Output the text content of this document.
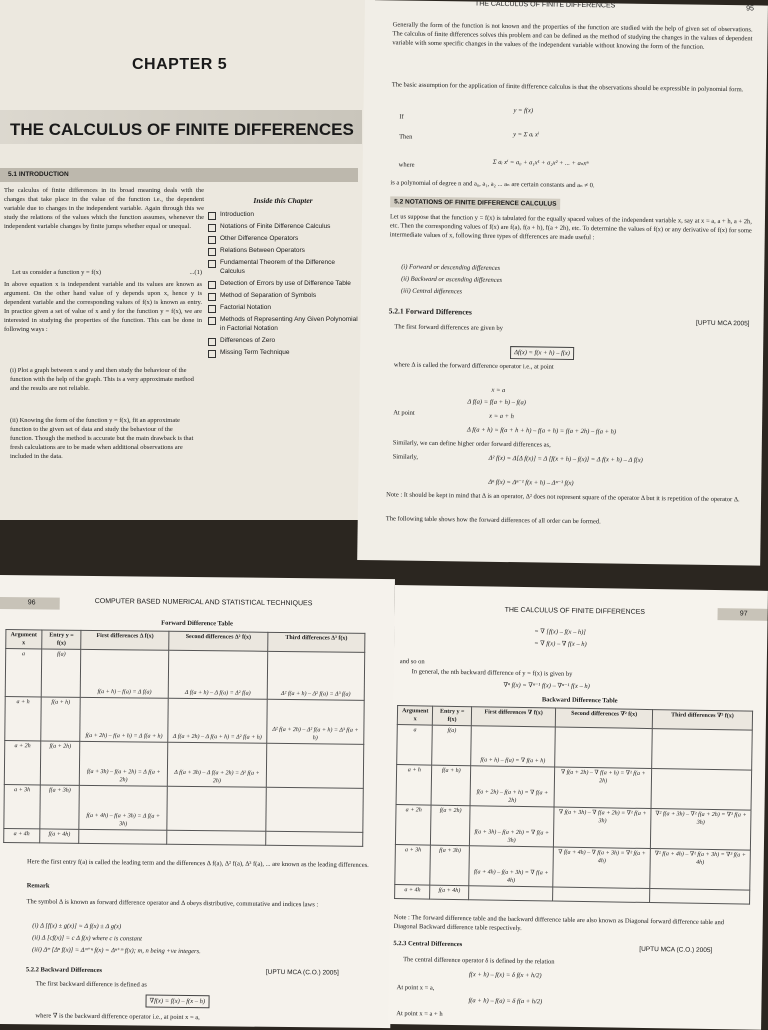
CHAPTER 5
THE CALCULUS OF FINITE DIFFERENCES
5.1 INTRODUCTION
The calculus of finite differences in its broad meaning deals with the changes that take place in the value of the function i.e., the dependent variable due to changes in the independent variable. Again through this we study the relations of the values which the function assumes, whenever the independent variable changes by finite jumps whether equal or unequal.
Let us consider a function y = f(x)	...(1)
In above equation x is independent variable and its values are known as argument. On the other hand value of y depends upon x, hence y is dependent variable and the corresponding values of f(x) is known as entry. In practice given a set of value of x and y for the function y = f(x), we are interested in studying the properties of the function. This can be done in following ways :
(i) Plot a graph between x and y and then study the behaviour of the function with the help of the graph. This is a very approximate method and the results are not reliable.
(ii) Knowing the form of the function y = f(x), fit an approximate function to the given set of data and study the behaviour of the function. Though the method is accurate but the main drawback is that fresh calculations are to be made when additional observations are included in the data.
Inside this Chapter
Introduction
Notations of Finite Difference Calculus
Other Difference Operators
Relations Between Operators
Fundamental Theorem of the Difference Calculus
Detection of Errors by use of Difference Table
Method of Separation of Symbols
Factorial Notation
Methods of Representing Any Given Polynomial in Factorial Notation
Differences of Zero
Missing Term Technique
THE CALCULUS OF FINITE DIFFERENCES	95
Generally the form of the function is not known and the properties of the function are studied with the help of given set of observations. The calculus of finite differences solves this problem and can be defined as the method of studying the changes in the values of dependent variable with some specific changes in the values of the independent variable without knowing the form of the function.
The basic assumption for the application of finite difference calculus is that the observations should be expressible in polynomial form.
If
y = f(x)
Then	y = Σ aᵢ xⁱ
where	Σ aᵢ xⁱ = a₀ + a₁x¹ + a₂x² + ... + aₙxⁿ
is a polynomial of degree n and a₀, a₁, a₂ ... aₙ are certain constants and aₙ ≠ 0.
5.2 NOTATIONS OF FINITE DIFFERENCE CALCULUS
Let us suppose that the function y = f(x) is tabulated for the equally spaced values of the independent variable x, say at x = a, a + h, a + 2h, etc. Then the corresponding values of f(x) are f(a), f(a + h), f(a + 2h), etc. To determine the values of f(x) or any derivative of f(x) for some intermediate values of x, following three types of differences are made useful :
(i) Forward or descending differences
(ii) Backward or ascending differences
(iii) Central differences
5.2.1 Forward Differences
[UPTU MCA 2005]
The first forward differences are given by
Δf(x) = f(x + h) – f(x)
where Δ is called the forward difference operator i.e., at point
x = a
Δ f(a) = f(a + h) – f(a)
At point	x = a + h
Δ f(a + h) = f(a + h + h) – f(a + h) = f(a + 2h) – f(a + h)
Similarly, we can define higher order forward differences as,
Similarly,	Δ² f(x) = Δ[Δ f(x)] = Δ [f(x + h) – f(x)] = Δ f(x + h) – Δ f(x)
Δⁿ f(x) = Δⁿ⁻¹ f(x + h) – Δⁿ⁻¹ f(x)
Note : It should be kept in mind that Δ is an operator, Δ² does not represent square of the operator Δ but it is repetition of the operator Δ.
The following table shows how the forward differences of all order can be formed.
96	COMPUTER BASED NUMERICAL AND STATISTICAL TECHNIQUES
Forward Difference Table
Argument x	Entry y = f(x)	First differences Δ f(x)	Second differences Δ² f(x)	Third differences Δ³ f(x)
a	f(a)	f(a + h) – f(a) = Δ f(a)	Δ f(a + h) – Δ f(a) = Δ² f(a)	Δ² f(a + h) – Δ² f(a) = Δ³ f(a)
a + h	f(a + h)	f(a + 2h) – f(a + h) = Δ f(a + h)	Δ f(a + 2h) – Δ f(a + h) = Δ² f(a + h)	Δ² f(a + 2h) – Δ² f(a + h) = Δ³ f(a + h)
a + 2h	f(a + 2h)	f(a + 3h) – f(a + 2h) = Δ f(a + 2h)	Δ f(a + 3h) – Δ f(a + 2h) = Δ² f(a + 2h)	
a + 3h	f(a + 3h)	f(a + 4h) – f(a + 3h) = Δ f(a + 3h)		
a + 4h	f(a + 4h)			
Here the first entry f(a) is called the leading term and the differences Δ f(a), Δ² f(a), Δ³ f(a), ... are known as the leading differences.
Remark
The symbol Δ is known as forward difference operator and Δ obeys distributive, commutative and indices laws :
(i) Δ [f(x) ± g(x)] = Δ f(x) ± Δ g(x)
(ii) Δ [cf(x)] = c Δ f(x) where c is constant
(iii) Δᵐ [Δⁿ f(x)] = Δᵐ⁺ⁿ f(x) = Δⁿ⁺ᵐ f(x); m, n being +ve integers.
5.2.2 Backward Differences	[UPTU MCA (C.O.) 2005]
The first backward difference is defined as
∇f(x) = f(x) – f(x – h)
where ∇ is the backward difference operator i.e., at point x = a,
THE CALCULUS OF FINITE DIFFERENCES	97
= ∇ [f(x) – f(x – h)]
= ∇ f(x) – ∇ f(x – h)
and so on
In general, the nth backward difference of y = f(x) is given by
∇ⁿ f(x) = ∇ⁿ⁻¹ f(x) – ∇ⁿ⁻¹ f(x – h)
Backward Difference Table
Argument x	Entry y = f(x)	First differences ∇ f(x)	Second differences ∇² f(x)	Third differences ∇³ f(x)
a	f(a)	f(a + h) – f(a) = ∇ f(a + h)		
a + h	f(a + h)	f(a + 2h) – f(a + h) = ∇ f(a + 2h)	∇ f(a + 2h) – ∇ f(a + h) = ∇² f(a + 2h)	
a + 2h	f(a + 2h)	f(a + 3h) – f(a + 2h) = ∇ f(a + 3h)	∇ f(a + 3h) – ∇ f(a + 2h) = ∇² f(a + 3h)	∇² f(a + 3h) – ∇² f(a + 2h) = ∇³ f(a + 3h)
a + 3h	f(a + 3h)	f(a + 4h) – f(a + 3h) = ∇ f(a + 4h)	∇ f(a + 4h) – ∇ f(a + 3h) = ∇² f(a + 4h)	∇² f(a + 4h) – ∇² f(a + 3h) = ∇³ f(a + 4h)
a + 4h	f(a + 4h)			
Note : The forward difference table and the backward difference table are also known as Diagonal forward difference table and Diagonal Backward difference table respectively.
5.2.3 Central Differences
[UPTU MCA (C.O.) 2005]
The central difference operator δ is defined by the relation
f(x + h) – f(x) = δ f(x + h/2)
At point x = a,
f(a + h) – f(a) = δ f(a + h/2)
At point x = a + h
